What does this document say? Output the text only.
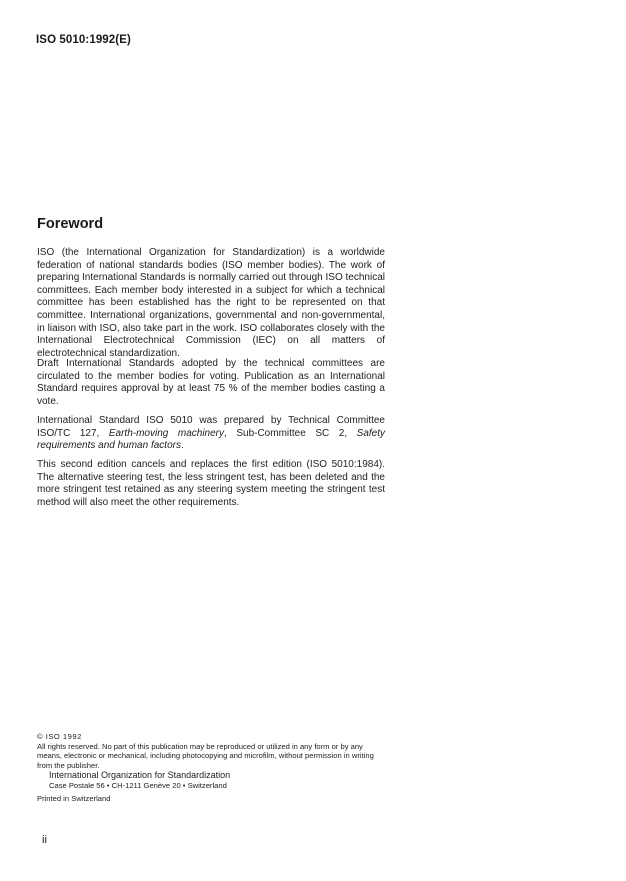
ISO 5010:1992(E)
Foreword
ISO (the International Organization for Standardization) is a worldwide federation of national standards bodies (ISO member bodies). The work of preparing International Standards is normally carried out through ISO technical committees. Each member body interested in a subject for which a technical committee has been established has the right to be represented on that committee. International organizations, governmental and non-governmental, in liaison with ISO, also take part in the work. ISO collaborates closely with the International Electrotechnical Commission (IEC) on all matters of electrotechnical standardization.
Draft International Standards adopted by the technical committees are circulated to the member bodies for voting. Publication as an International Standard requires approval by at least 75 % of the member bodies casting a vote.
International Standard ISO 5010 was prepared by Technical Committee ISO/TC 127, Earth-moving machinery, Sub-Committee SC 2, Safety requirements and human factors.
This second edition cancels and replaces the first edition (ISO 5010:1984). The alternative steering test, the less stringent test, has been deleted and the more stringent test retained as any steering system meeting the stringent test method will also meet the other requirements.
© ISO 1992
All rights reserved. No part of this publication may be reproduced or utilized in any form or by any means, electronic or mechanical, including photocopying and microfilm, without permission in writing from the publisher.
International Organization for Standardization
Case Postale 56 • CH-1211 Genève 20 • Switzerland
Printed in Switzerland
ii
